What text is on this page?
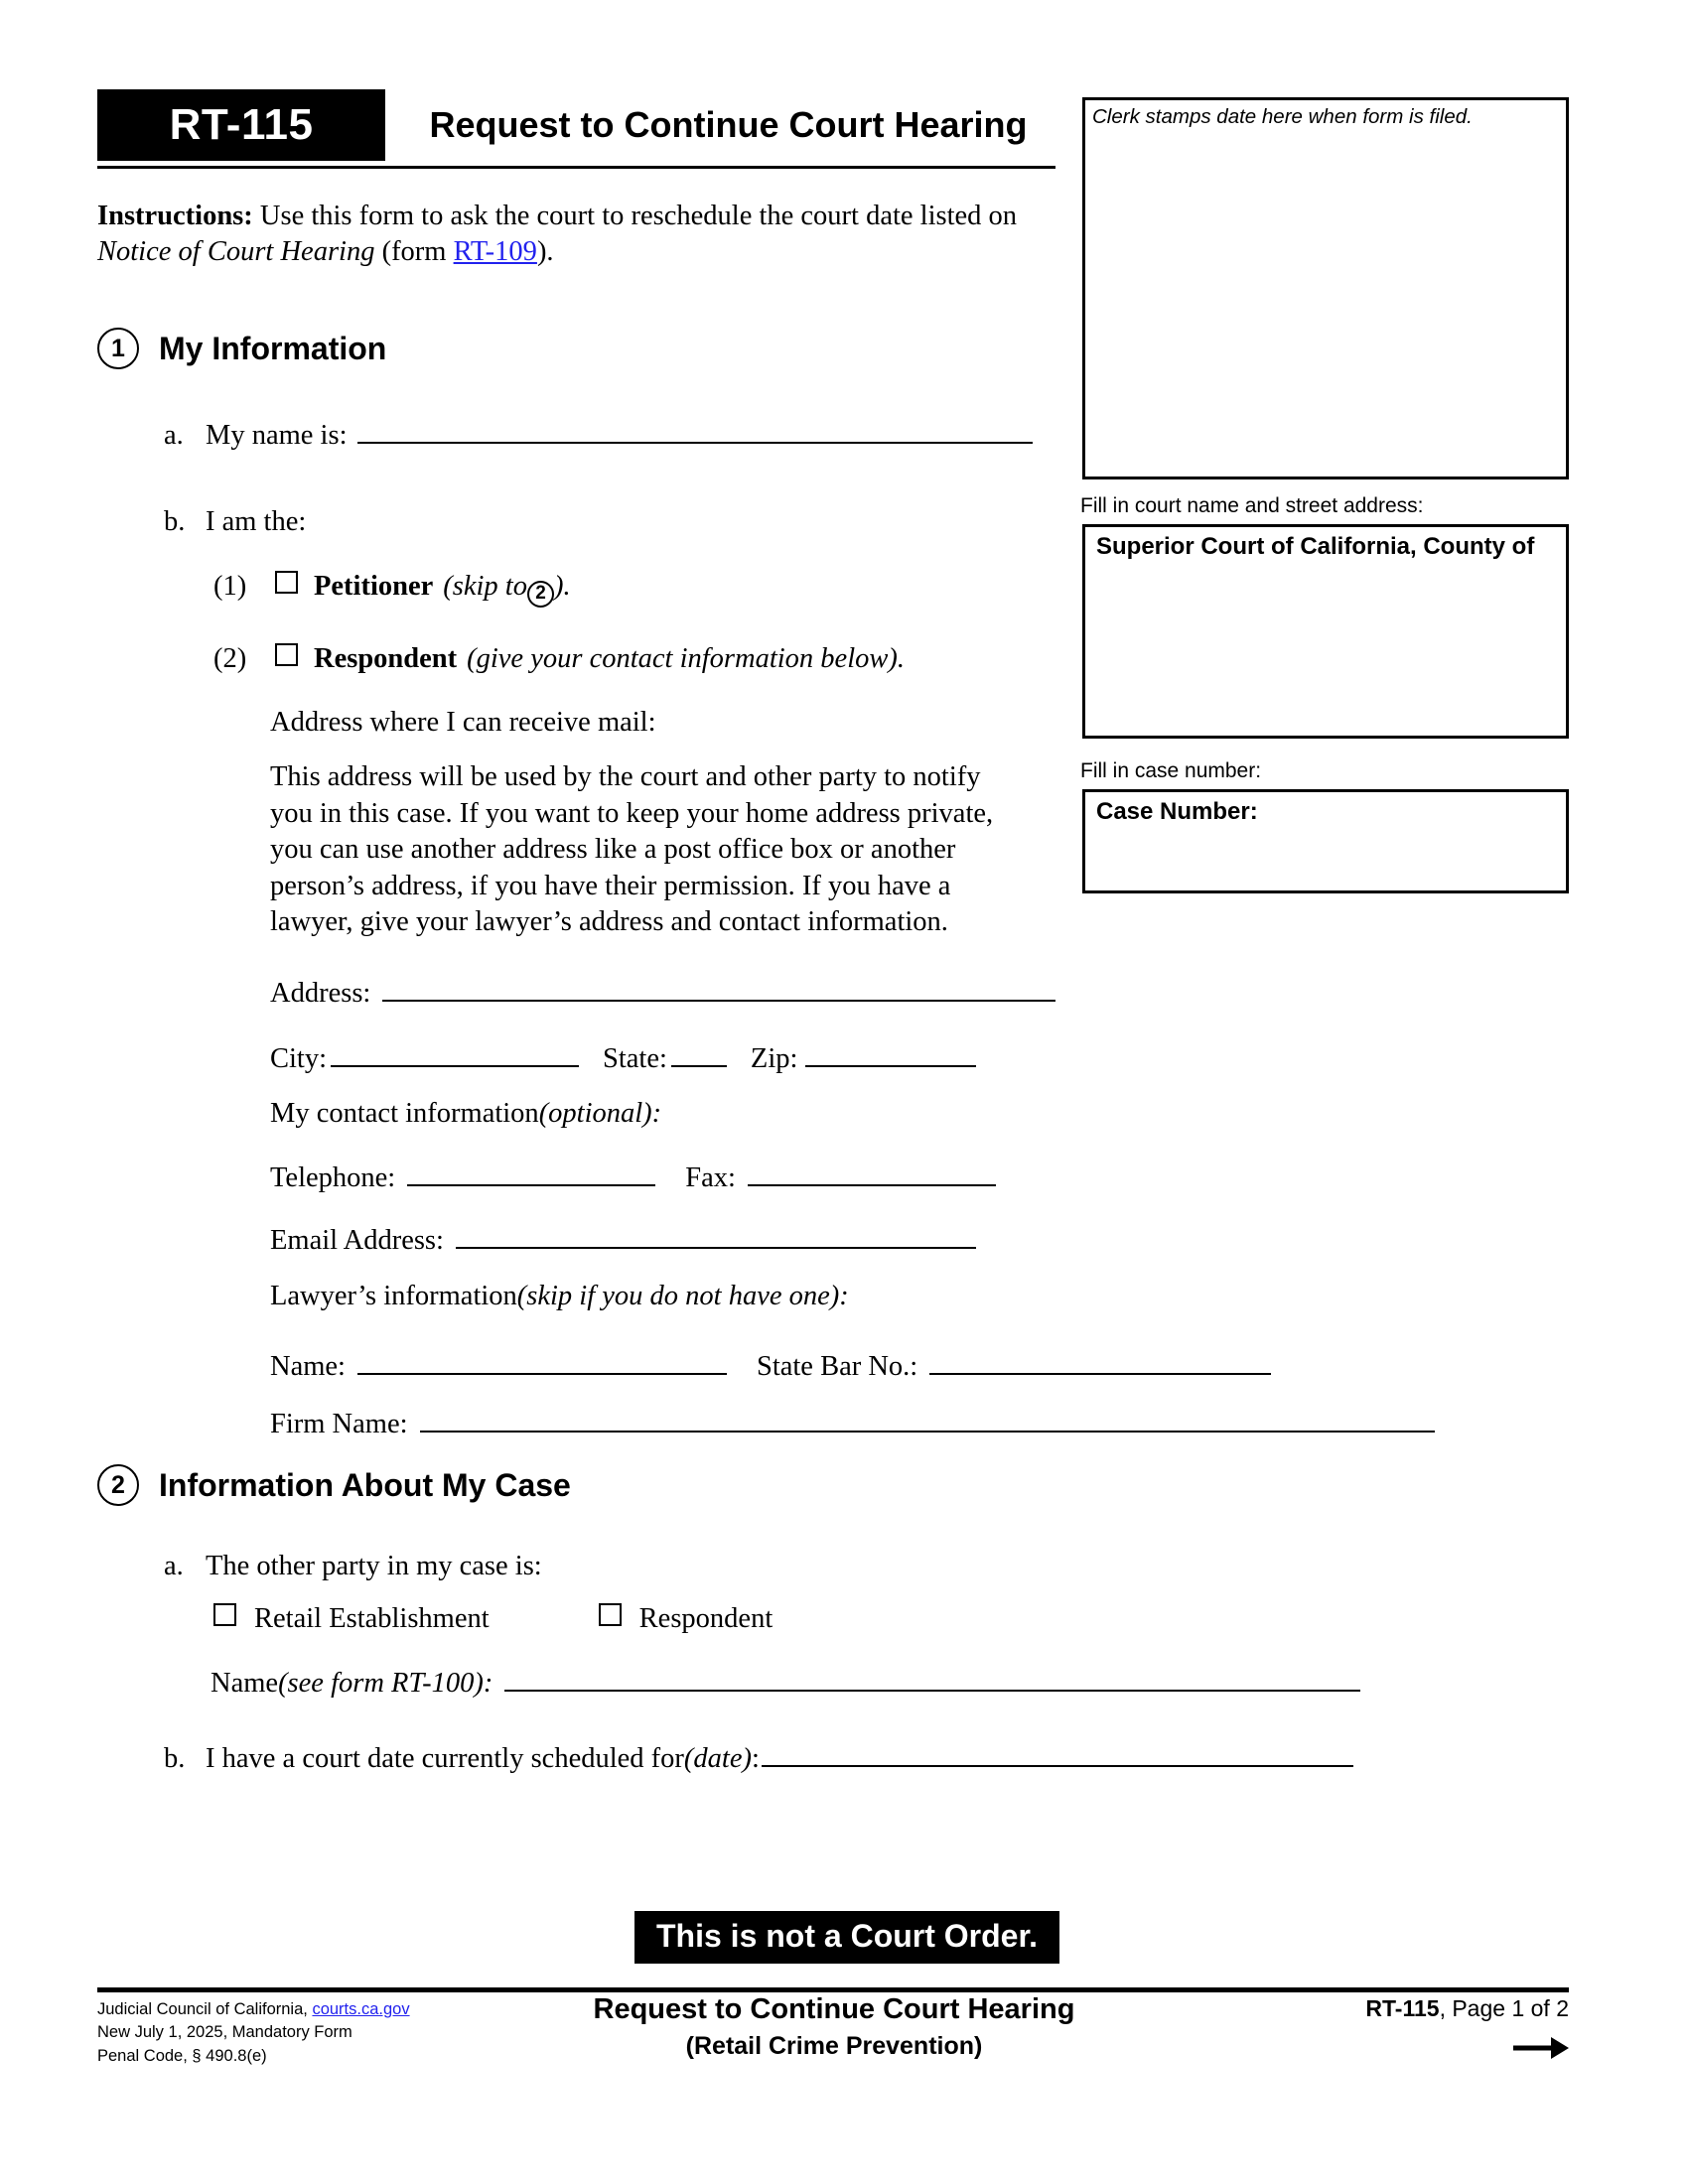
RT-115	Request to Continue Court Hearing
Instructions: Use this form to ask the court to reschedule the court date listed on Notice of Court Hearing (form RT-109).
Clerk stamps date here when form is filed.
Fill in court name and street address:
Superior Court of California, County of
Fill in case number:
Case Number:
1	My Information
a. My name is:
b. I am the:
(1)	Petitioner (skip to 2 ).
(2)	Respondent (give your contact information below).
Address where I can receive mail:
This address will be used by the court and other party to notify you in this case. If you want to keep your home address private, you can use another address like a post office box or another person’s address, if you have their permission. If you have a lawyer, give your lawyer’s address and contact information.
Address:
City:	State:	Zip:
My contact information (optional):
Telephone:	Fax:
Email Address:
Lawyer’s information (skip if you do not have one):
Name:	State Bar No.:
Firm Name:
2	Information About My Case
a. The other party in my case is:
Retail Establishment	Respondent
Name (see form RT-100):
b. I have a court date currently scheduled for (date) :
This is not a Court Order.
Judicial Council of California, courts.ca.gov
New July 1, 2025, Mandatory Form
Penal Code, § 490.8(e)
Request to Continue Court Hearing
(Retail Crime Prevention)
RT-115, Page 1 of 2
